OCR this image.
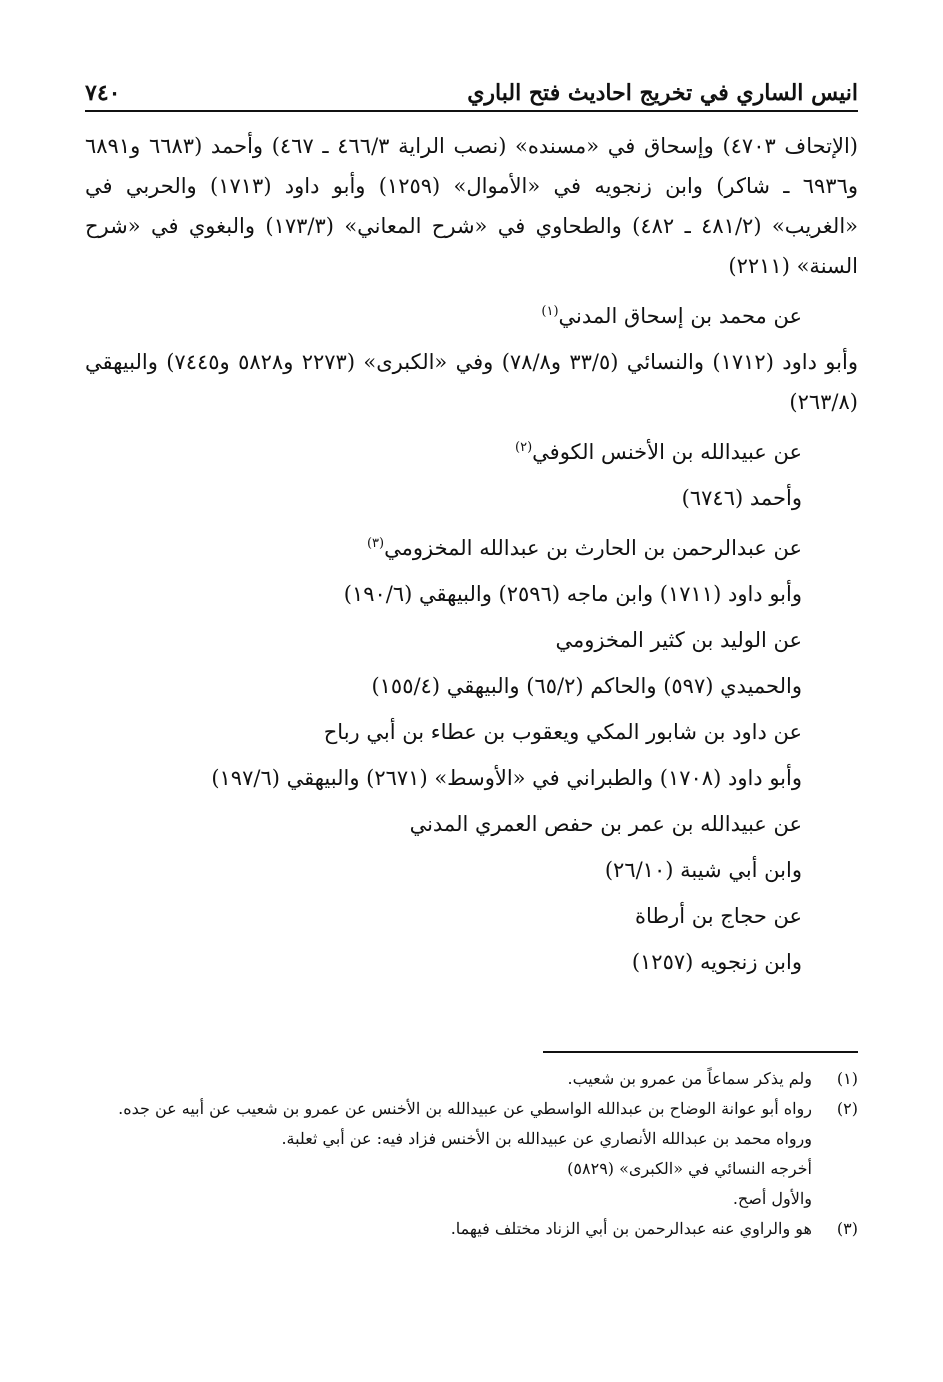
انيس الساري في تخريج احاديث فتح الباري
٧٤٠

(الإتحاف ٤٧٠٣) وإسحاق في «مسنده» (نصب الراية ٤٦٦/٣ ـ ٤٦٧) وأحمد (٦٦٨٣ و٦٨٩١ و٦٩٣٦ ـ شاكر) وابن زنجويه في «الأموال» (١٢٥٩) وأبو داود (١٧١٣) والحربي في «الغريب» (٤٨١/٢ ـ ٤٨٢) والطحاوي في «شرح المعاني» (١٧٣/٣) والبغوي في «شرح السنة» (٢٢١١)

عن محمد بن إسحاق المدني$^{(١)}$

وأبو داود (١٧١٢) والنسائي (٣٣/٥ و٧٨/٨) وفي «الكبرى» (٢٢٧٣ و٥٨٢٨ و٧٤٤٥) والبيهقي (٢٦٣/٨)

عن عبيدالله بن الأخنس الكوفي$^{(٢)}$

وأحمد (٦٧٤٦)

عن عبدالرحمن بن الحارث بن عبدالله المخزومي$^{(٣)}$

وأبو داود (١٧١١) وابن ماجه (٢٥٩٦) والبيهقي (١٩٠/٦)

عن الوليد بن كثير المخزومي

والحميدي (٥٩٧) والحاكم (٦٥/٢) والبيهقي (١٥٥/٤)

عن داود بن شابور المكي ويعقوب بن عطاء بن أبي رباح

وأبو داود (١٧٠٨) والطبراني في «الأوسط» (٢٦٧١) والبيهقي (١٩٧/٦)

عن عبيدالله بن عمر بن حفص العمري المدني

وابن أبي شيبة (٢٦/١٠)

عن حجاج بن أرطاة

وابن زنجويه (١٢٥٧)

(١)
ولم يذكر سماعاً من عمرو بن شعيب.
(٢)
رواه أبو عوانة الوضاح بن عبدالله الواسطي عن عبيدالله بن الأخنس عن عمرو بن شعيب عن أبيه عن جده.
ورواه محمد بن عبدالله الأنصاري عن عبيدالله بن الأخنس فزاد فيه: عن أبي ثعلبة.
أخرجه النسائي في «الكبرى» (٥٨٢٩)
والأول أصح.
(٣)
هو والراوي عنه عبدالرحمن بن أبي الزناد مختلف فيهما.
